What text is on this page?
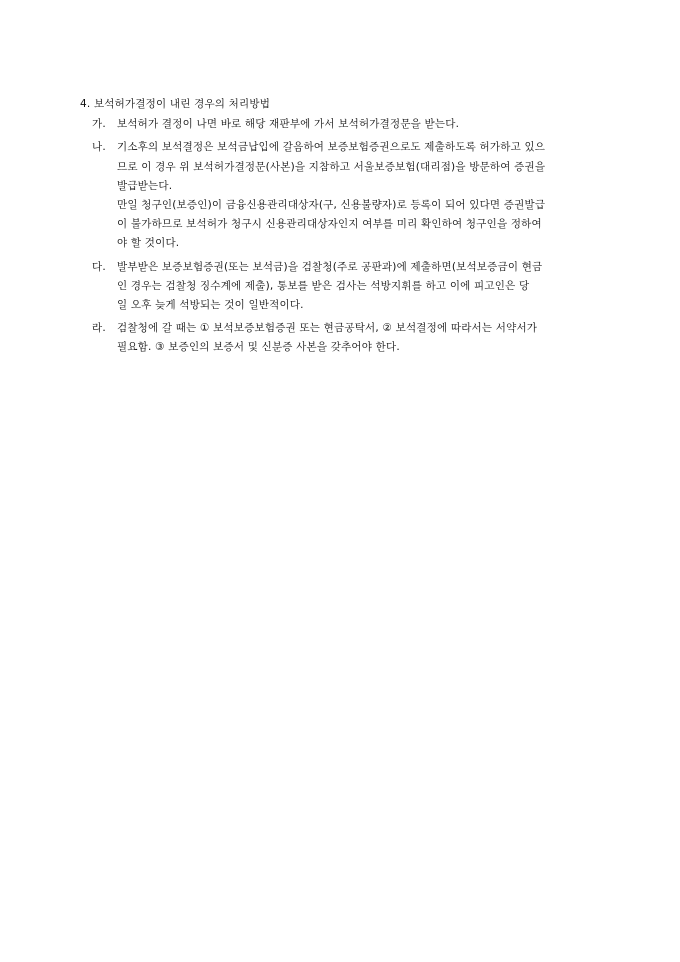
4. 보석허가결정이 내린 경우의 처리방법
가. 보석허가 결정이 나면 바로 해당 재판부에 가서 보석허가결정문을 받는다.
나. 기소후의 보석결정은 보석금납입에 갈음하여 보증보험증권으로도 제출하도록 허가하고 있으
므로 이 경우 위 보석허가결정문(사본)을 지참하고 서울보증보험(대리점)을 방문하여 증권을
발급받는다.
만일 청구인(보증인)이 금융신용관리대상자(구, 신용불량자)로 등록이 되어 있다면 증권발급
이 불가하므로 보석허가 청구시 신용관리대상자인지 여부를 미리 확인하여 청구인을 정하여
야 할 것이다.
다. 발부받은 보증보험증권(또는 보석금)을 검찰청(주로 공판과)에 제출하면(보석보증금이 현금
인 경우는 검찰청 징수계에 제출), 통보를 받은 검사는 석방지휘를 하고 이에 피고인은 당
일 오후 늦게 석방되는 것이 일반적이다.
라. 검찰청에 갈 때는 ① 보석보증보험증권 또는 현금공탁서, ② 보석결정에 따라서는 서약서가
필요함. ③ 보증인의 보증서 및 신분증 사본을 갖추어야 한다.
